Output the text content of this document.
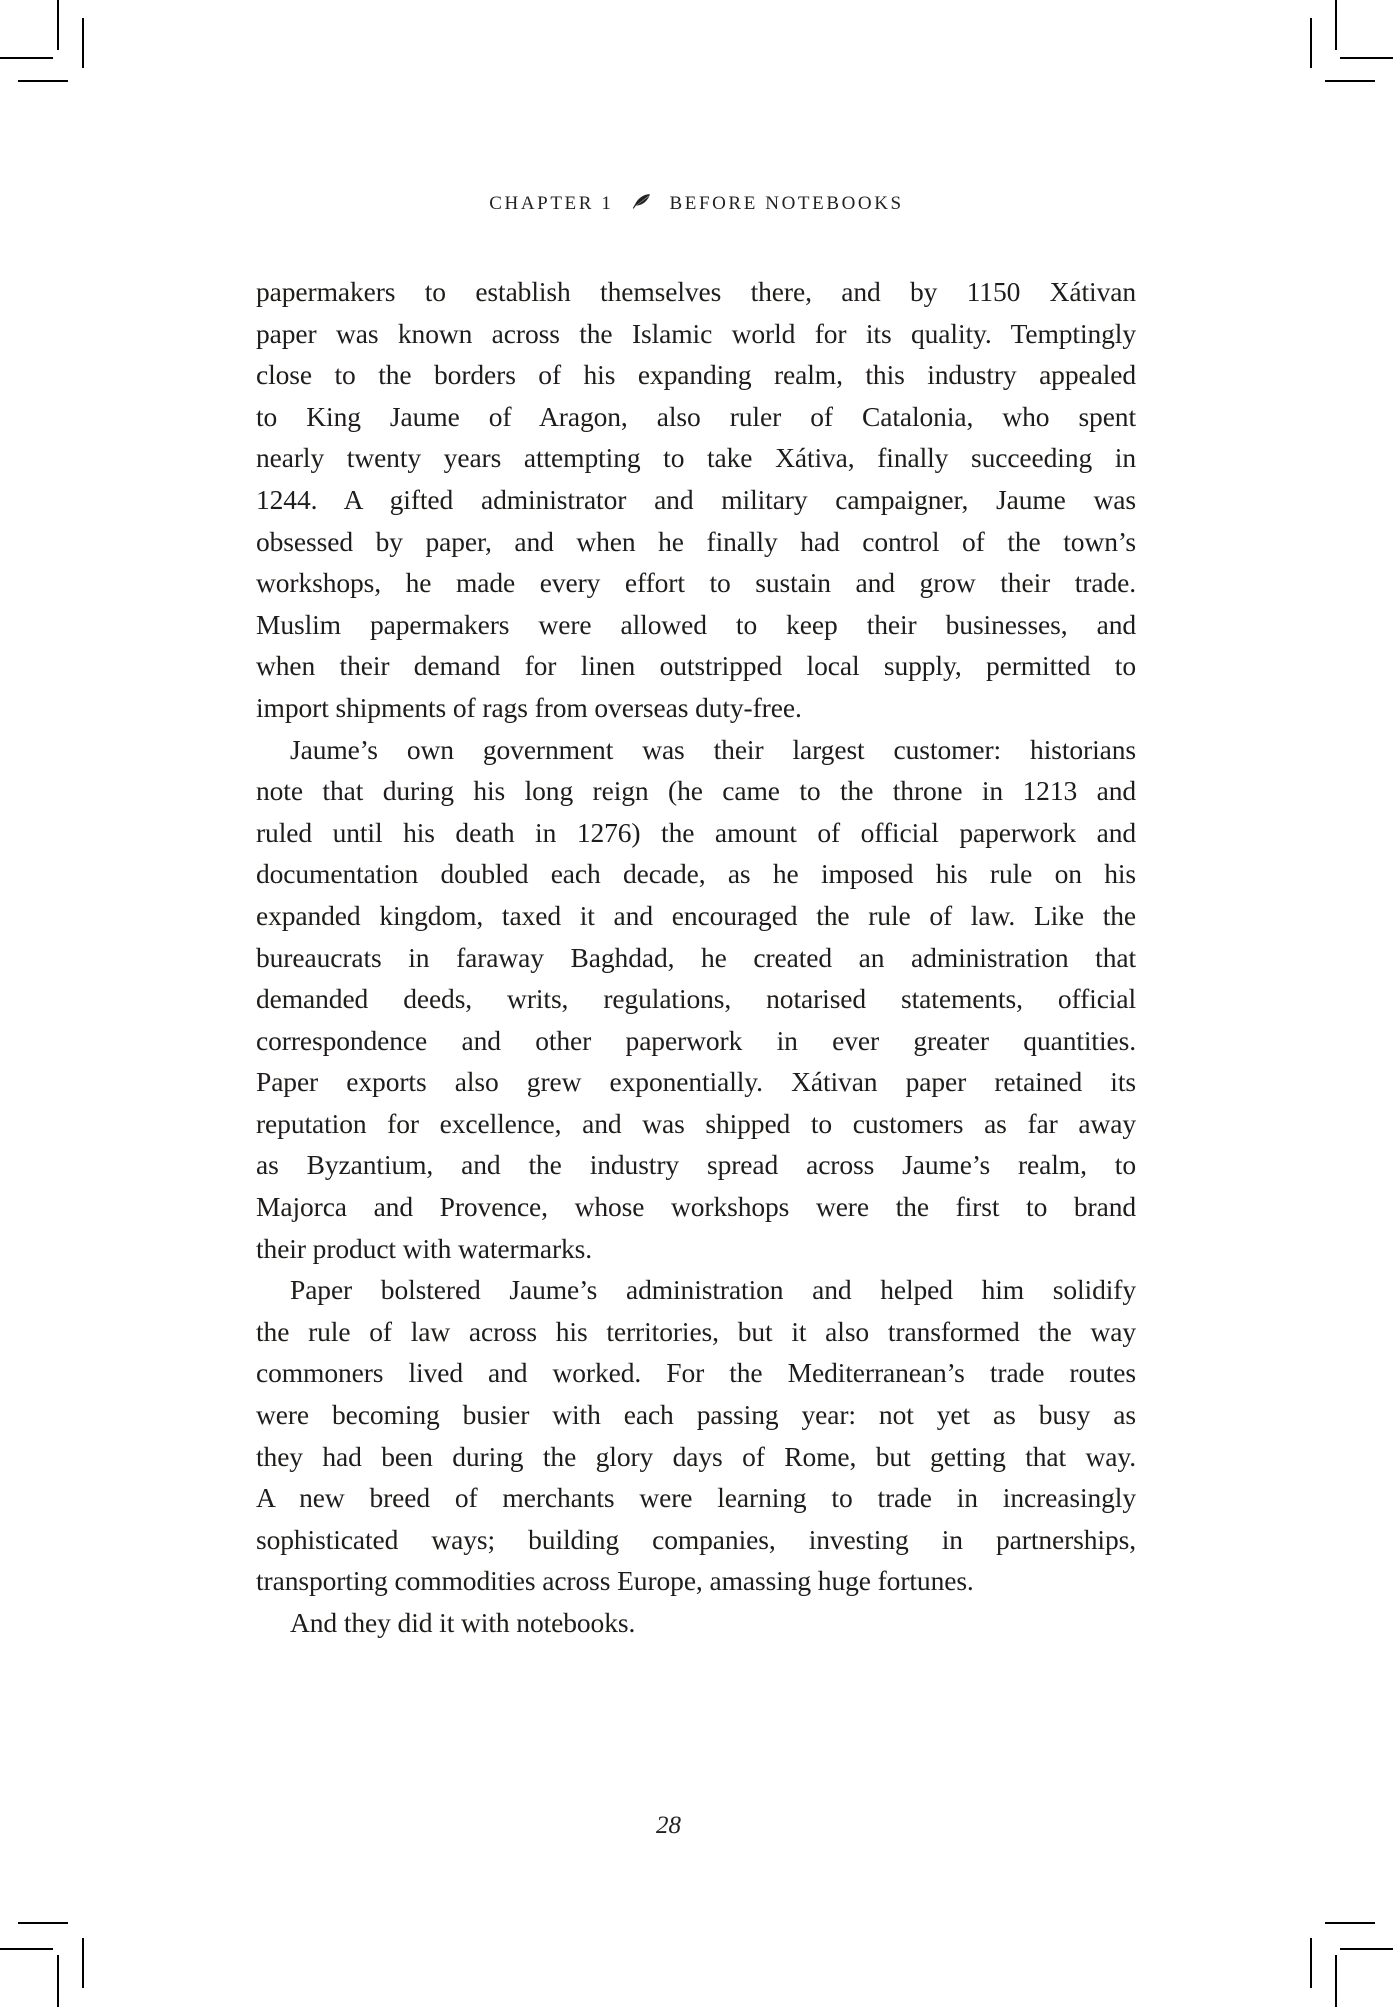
CHAPTER 1	BEFORE NOTEBOOKS
papermakers to establish themselves there, and by 1150 Xátivan
paper was known across the Islamic world for its quality. Temptingly
close to the borders of his expanding realm, this industry appealed
to King Jaume of Aragon, also ruler of Catalonia, who spent
nearly twenty years attempting to take Xátiva, finally succeeding in
1244. A gifted administrator and military campaigner, Jaume was
obsessed by paper, and when he finally had control of the town’s
workshops, he made every effort to sustain and grow their trade.
Muslim papermakers were allowed to keep their businesses, and
when their demand for linen outstripped local supply, permitted to
import shipments of rags from overseas duty-free.
Jaume’s own government was their largest customer: historians
note that during his long reign (he came to the throne in 1213 and
ruled until his death in 1276) the amount of official paperwork and
documentation doubled each decade, as he imposed his rule on his
expanded kingdom, taxed it and encouraged the rule of law. Like the
bureaucrats in faraway Baghdad, he created an administration that
demanded deeds, writs, regulations, notarised statements, official
correspondence and other paperwork in ever greater quantities.
Paper exports also grew exponentially. Xátivan paper retained its
reputation for excellence, and was shipped to customers as far away
as Byzantium, and the industry spread across Jaume’s realm, to
Majorca and Provence, whose workshops were the first to brand
their product with watermarks.
Paper bolstered Jaume’s administration and helped him solidify
the rule of law across his territories, but it also transformed the way
commoners lived and worked. For the Mediterranean’s trade routes
were becoming busier with each passing year: not yet as busy as
they had been during the glory days of Rome, but getting that way.
A new breed of merchants were learning to trade in increasingly
sophisticated ways; building companies, investing in partnerships,
transporting commodities across Europe, amassing huge fortunes.
And they did it with notebooks.
28
